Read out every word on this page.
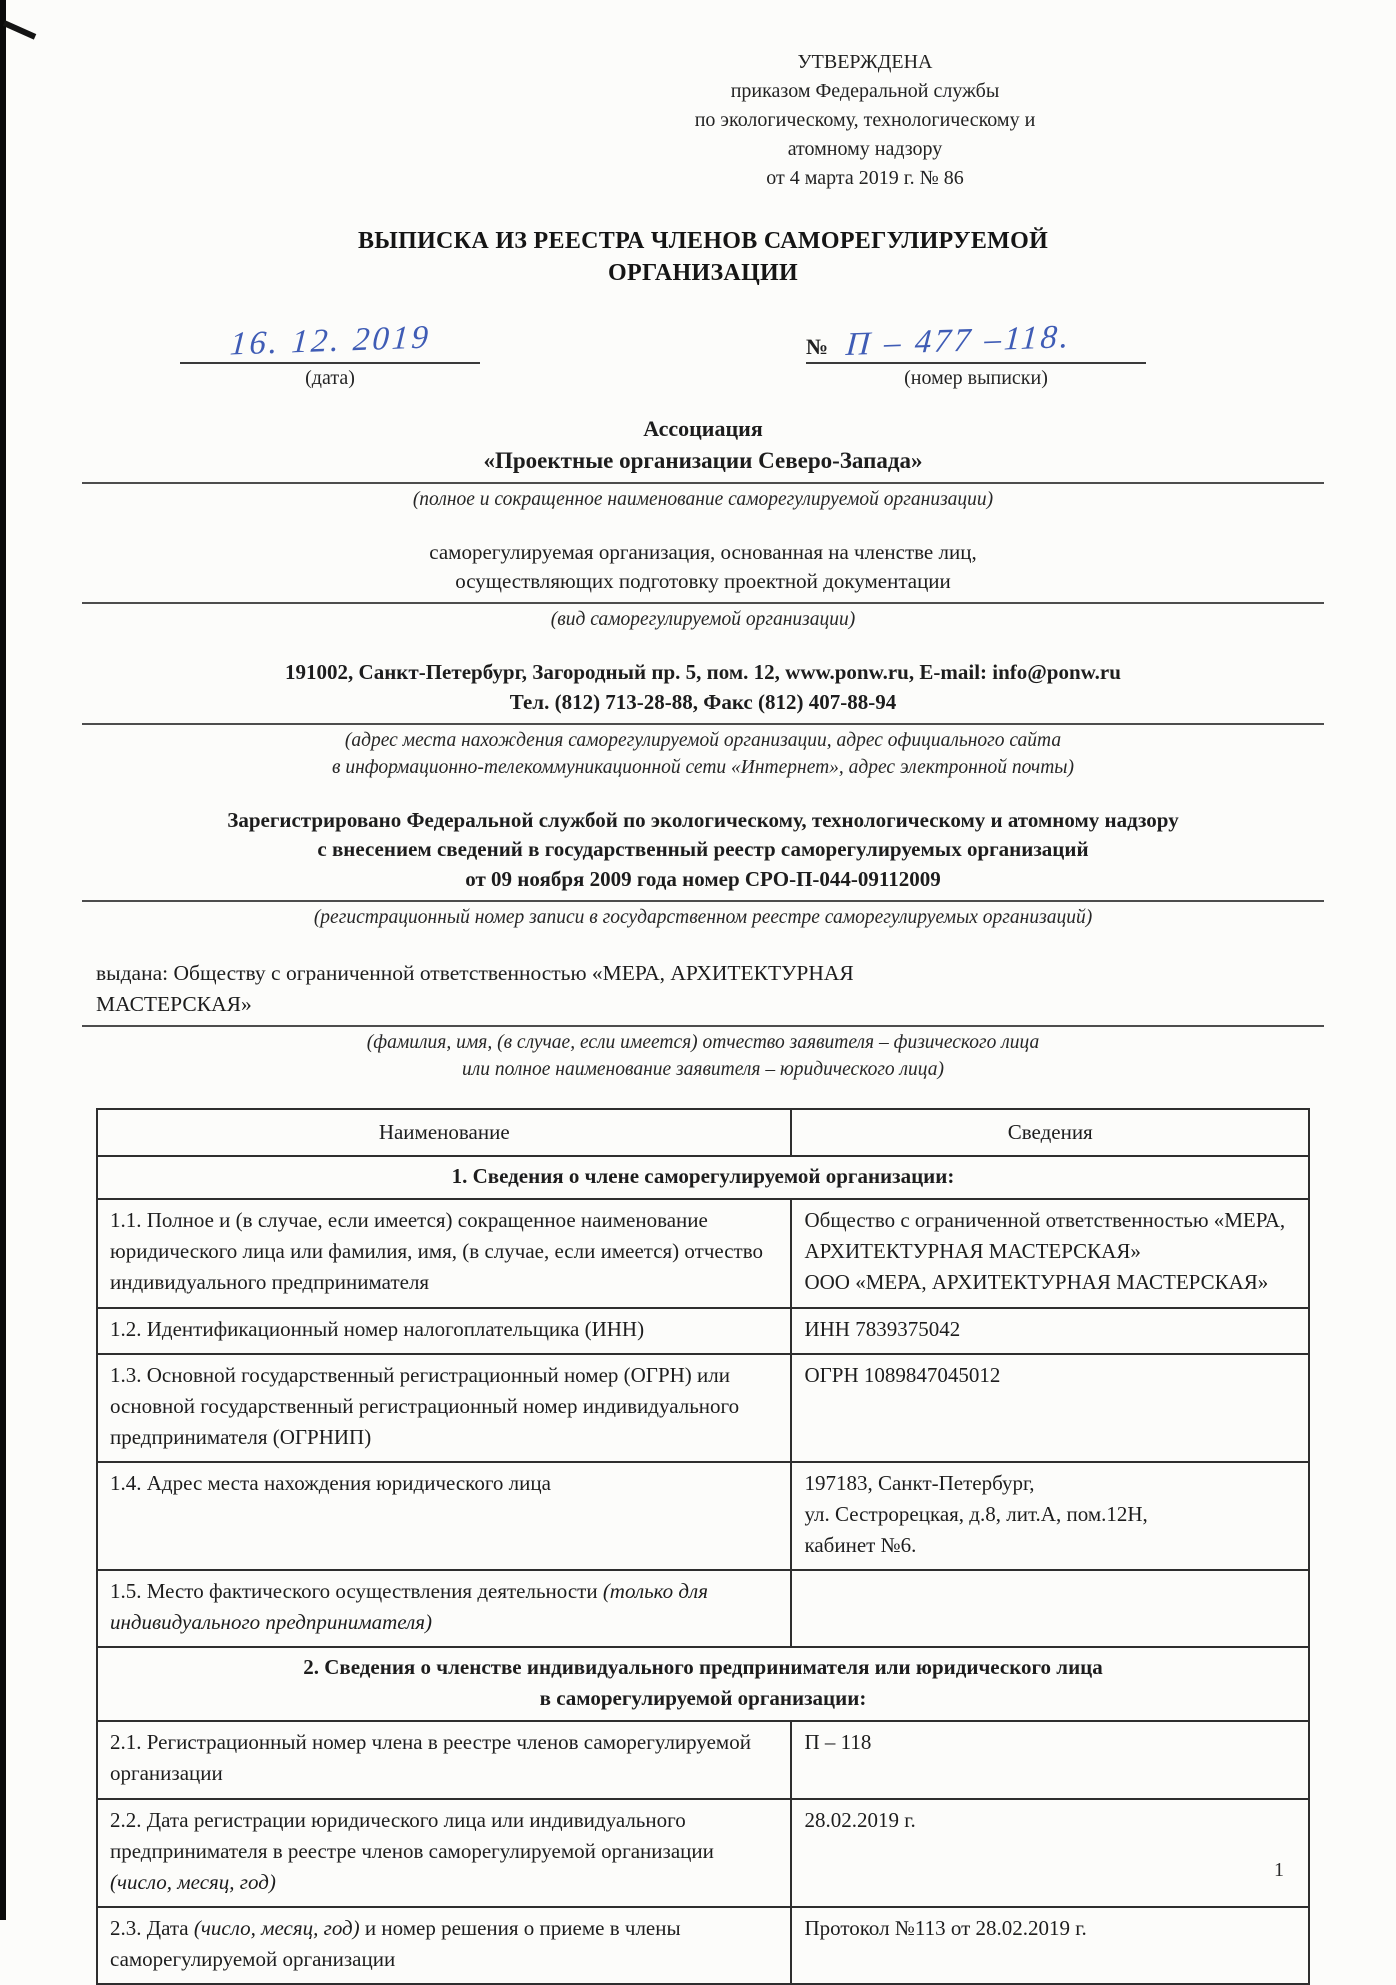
УТВЕРЖДЕНА
приказом Федеральной службы
по экологическому, технологическому и
атомному надзору
от 4 марта 2019 г. № 86
ВЫПИСКА ИЗ РЕЕСТРА ЧЛЕНОВ САМОРЕГУЛИРУЕМОЙ
ОРГАНИЗАЦИИ
16. 12. 2019
(дата)
№ П – 477 –118.
(номер выписки)
Ассоциация
«Проектные организации Северо-Запада»
(полное и сокращенное наименование саморегулируемой организации)
саморегулируемая организация, основанная на членстве лиц,
осуществляющих подготовку проектной документации
(вид саморегулируемой организации)
191002, Санкт-Петербург, Загородный пр. 5, пом. 12, www.ponw.ru, E-mail: info@ponw.ru
Тел. (812) 713-28-88, Факс (812) 407-88-94
(адрес места нахождения саморегулируемой организации, адрес официального сайта
в информационно-телекоммуникационной сети «Интернет», адрес электронной почты)
Зарегистрировано Федеральной службой по экологическому, технологическому и атомному надзору
с внесением сведений в государственный реестр саморегулируемых организаций
от 09 ноября 2009 года номер СРО-П-044-09112009
(регистрационный номер записи в государственном реестре саморегулируемых организаций)
выдана: Обществу с ограниченной ответственностью «МЕРА, АРХИТЕКТУРНАЯ
МАСТЕРСКАЯ»
(фамилия, имя, (в случае, если имеется) отчество заявителя – физического лица
или полное наименование заявителя – юридического лица)
Наименование	Сведения
1. Сведения о члене саморегулируемой организации:	
1.1. Полное и (в случае, если имеется) сокращенное наименование юридического лица или фамилия, имя, (в случае, если имеется) отчество индивидуального предпринимателя	Общество с ограниченной ответственностью «МЕРА, АРХИТЕКТУРНАЯ МАСТЕРСКАЯ»
ООО «МЕРА, АРХИТЕКТУРНАЯ МАСТЕРСКАЯ»

1.2. Идентификационный номер налогоплательщика (ИНН)	ИНН 7839375042

1.3. Основной государственный регистрационный номер (ОГРН) или основной государственный регистрационный номер индивидуального предпринимателя (ОГРНИП)	ОГРН 1089847045012

1.4. Адрес места нахождения юридического лица	197183, Санкт-Петербург,
ул. Сестрорецкая, д.8, лит.А, пом.12Н,
кабинет №6.

1.5. Место фактического осуществления деятельности (только для индивидуального предпринимателя)	

2. Сведения о членстве индивидуального предпринимателя или юридического лица
в саморегулируемой организации:	

2.1. Регистрационный номер члена в реестре членов саморегулируемой организации	П – 118

2.2. Дата регистрации юридического лица или индивидуального предпринимателя в реестре членов саморегулируемой организации (число, месяц, год)	28.02.2019 г.

2.3. Дата (число, месяц, год) и номер решения о приеме в члены саморегулируемой организации	Протокол №113 от 28.02.2019 г.
1
